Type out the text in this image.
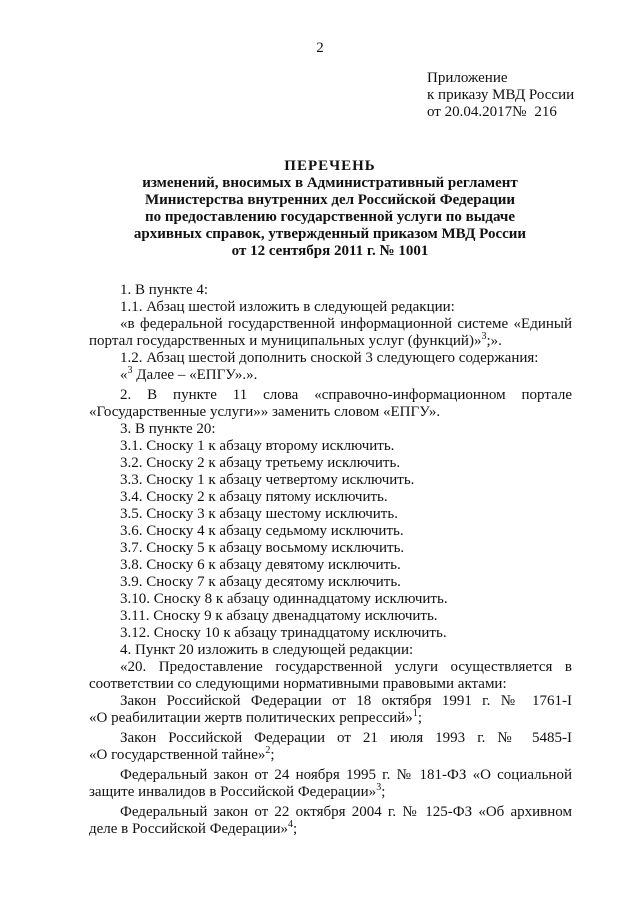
2
Приложение
к приказу МВД России
от 20.04.2017№ 216
ПЕРЕЧЕНЬ
изменений, вносимых в Административный регламент
Министерства внутренних дел Российской Федерации
по предоставлению государственной услуги по выдаче
архивных справок, утвержденный приказом МВД России
от 12 сентября 2011 г. № 1001

1. В пункте 4:

1.1. Абзац шестой изложить в следующей редакции:

«в федеральной государственной информационной системе «Единый

портал государственных и муниципальных услуг (функций)»$^3$;».

1.2. Абзац шестой дополнить сноской 3 следующего содержания:

«$^3$ Далее – «ЕПГУ».».

2. В пункте 11 слова «справочно-информационном портале

«Государственные услуги»» заменить словом «ЕПГУ».

3. В пункте 20:

3.1. Сноску 1 к абзацу второму исключить.

3.2. Сноску 2 к абзацу третьему исключить.

3.3. Сноску 1 к абзацу четвертому исключить.

3.4. Сноску 2 к абзацу пятому исключить.

3.5. Сноску 3 к абзацу шестому исключить.

3.6. Сноску 4 к абзацу седьмому исключить.

3.7. Сноску 5 к абзацу восьмому исключить.

3.8. Сноску 6 к абзацу девятому исключить.

3.9. Сноску 7 к абзацу десятому исключить.

3.10. Сноску 8 к абзацу одиннадцатому исключить.

3.11. Сноску 9 к абзацу двенадцатому исключить.

3.12. Сноску 10 к абзацу тринадцатому исключить.

4. Пункт 20 изложить в следующей редакции:

«20. Предоставление государственной услуги осуществляется в

соответствии со следующими нормативными правовыми актами:

Закон Российской Федерации от 18 октября 1991 г. № 1761-I

«О реабилитации жертв политических репрессий»$^1$;

Закон Российской Федерации от 21 июля 1993 г. № 5485-I

«О государственной тайне»$^2$;

Федеральный закон от 24 ноября 1995 г. № 181-ФЗ «О социальной

защите инвалидов в Российской Федерации»$^3$;

Федеральный закон от 22 октября 2004 г. № 125-ФЗ «Об архивном

деле в Российской Федерации»$^4$;
